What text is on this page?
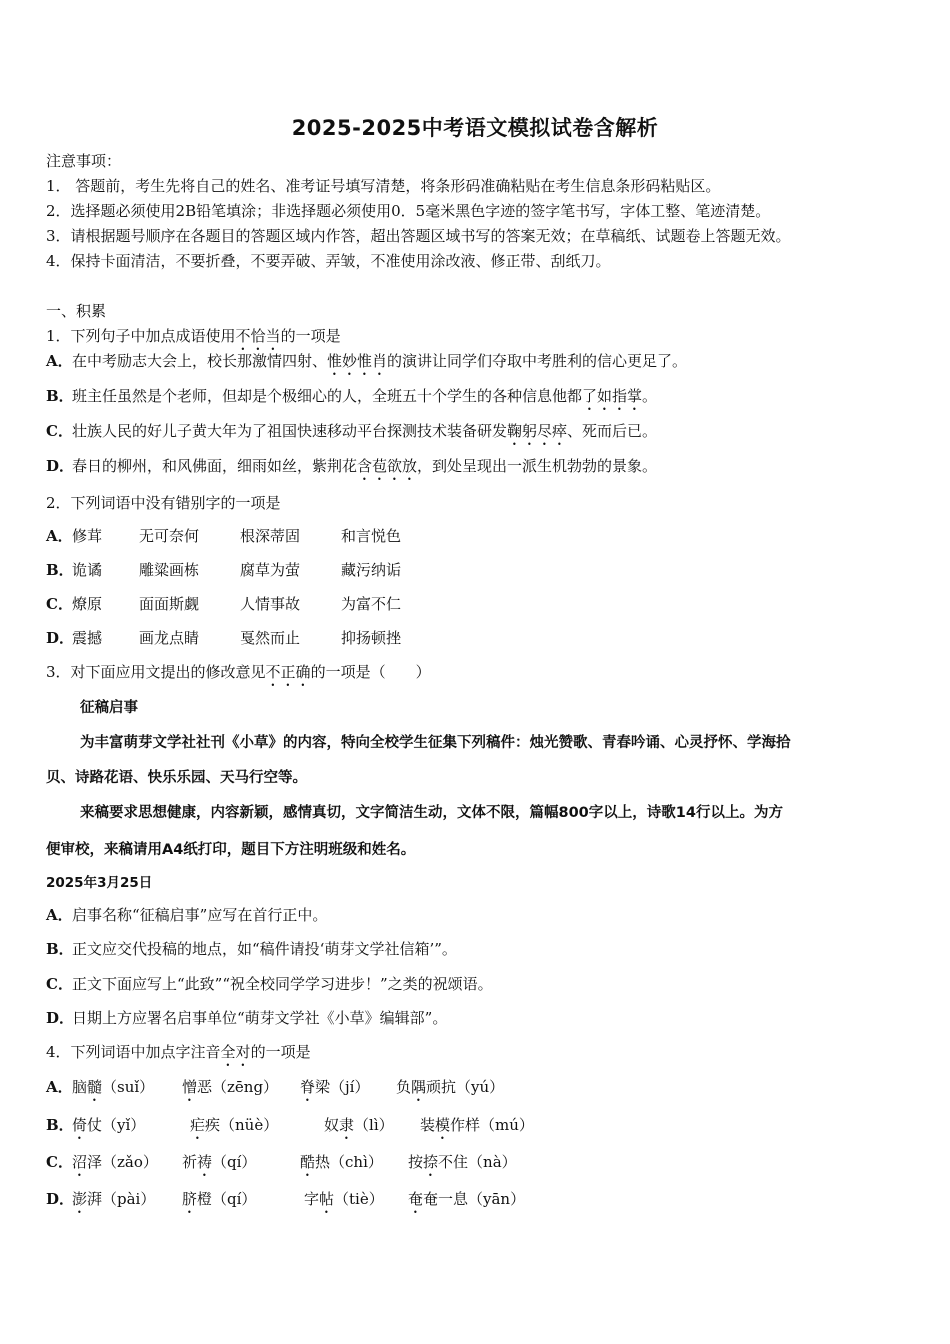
2025-2025中考语文模拟试卷含解析
注意事项：
1． 答题前，考生先将自己的姓名、准考证号填写清楚，将条形码准确粘贴在考生信息条形码粘贴区。
2．选择题必须使用2B铅笔填涂；非选择题必须使用0．5毫米黑色字迹的签字笔书写，字体工整、笔迹清楚。
3．请根据题号顺序在各题目的答题区域内作答，超出答题区域书写的答案无效；在草稿纸、试题卷上答题无效。
4．保持卡面清洁，不要折叠，不要弄破、弄皱，不准使用涂改液、修正带、刮纸刀。
一、积累
1．下列句子中加点成语使用不恰当的一项是
A．在中考励志大会上，校长那激情四射、惟妙惟肖的演讲让同学们夺取中考胜利的信心更足了。
B．班主任虽然是个老师，但却是个极细心的人，全班五十个学生的各种信息他都了如指掌。
C．壮族人民的好儿子黄大年为了祖国快速移动平台探测技术装备研发鞠躬尽瘁、死而后已。
D．春日的柳州，和风佛面，细雨如丝，紫荆花含苞欲放，到处呈现出一派生机勃勃的景象。
2．下列词语中没有错别字的一项是
A．修茸 无可奈何	根深蒂固	和言悦色
B．诡谲 雕粱画栋	腐草为萤	藏污纳诟
C．燎原 面面斯觑	人情事故	为富不仁
D．震撼 画龙点睛	戛然而止	抑扬顿挫
3．对下面应用文提出的修改意见不正确的一项是（　　）
征稿启事
为丰富萌芽文学社社刊《小草》的内容，特向全校学生征集下列稿件：烛光赞歌、青春吟诵、心灵抒怀、学海拾
贝、诗路花语、快乐乐园、天马行空等。
来稿要求思想健康，内容新颖，感情真切，文字简洁生动，文体不限，篇幅800字以上，诗歌14行以上。为方
便审校，来稿请用A4纸打印，题目下方注明班级和姓名。
2025年3月25日
A．启事名称“征稿启事”应写在首行正中。
B．正文应交代投稿的地点，如“稿件请投‘萌芽文学社信箱’”。
C．正文下面应写上“此致”“祝全校同学学习进步！”之类的祝颂语。
D．日期上方应署名启事单位“萌芽文学社《小草》编辑部”。
4．下列词语中加点字注音全对的一项是
A．脑髓（suǐ） 憎恶（zēng） 脊梁（jí） 负隅顽抗（yú）
B．倚仗（yǐ）	疟疾（nüè）	奴隶（lì） 装模作样（mú）
C．沼泽（zǎo） 祈祷（qí）	酷热（chì） 按捺不住（nà）
D．澎湃（pài） 脐橙（qí）	字帖（tiè） 奄奄一息（yān）
